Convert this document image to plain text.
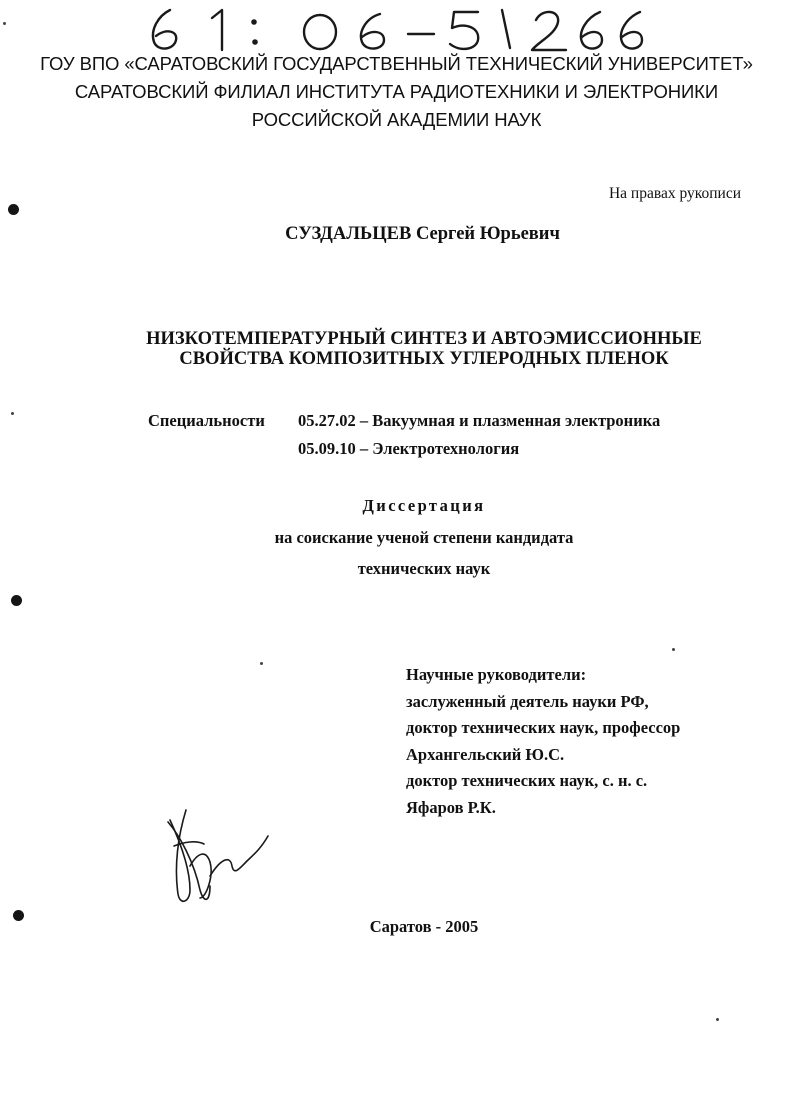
ГОУ ВПО «САРАТОВСКИЙ ГОСУДАРСТВЕННЫЙ ТЕХНИЧЕСКИЙ УНИВЕРСИТЕТ»
САРАТОВСКИЙ ФИЛИАЛ ИНСТИТУТА РАДИОТЕХНИКИ И ЭЛЕКТРОНИКИ
РОССИЙСКОЙ АКАДЕМИИ НАУК
На правах рукописи
СУЗДАЛЬЦЕВ Сергей Юрьевич
НИЗКОТЕМПЕРАТУРНЫЙ СИНТЕЗ И АВТОЭМИССИОННЫЕ
СВОЙСТВА КОМПОЗИТНЫХ УГЛЕРОДНЫХ ПЛЕНОК
Специальности 05.27.02 – Вакуумная и плазменная электроника
05.09.10 – Электротехнология
Диссертация
на соискание ученой степени кандидата
технических наук
Научные руководители:
заслуженный деятель науки РФ,
доктор технических наук, профессор
Архангельский Ю.С.
доктор технических наук, с. н. с.
Яфаров Р.К.
Саратов - 2005
